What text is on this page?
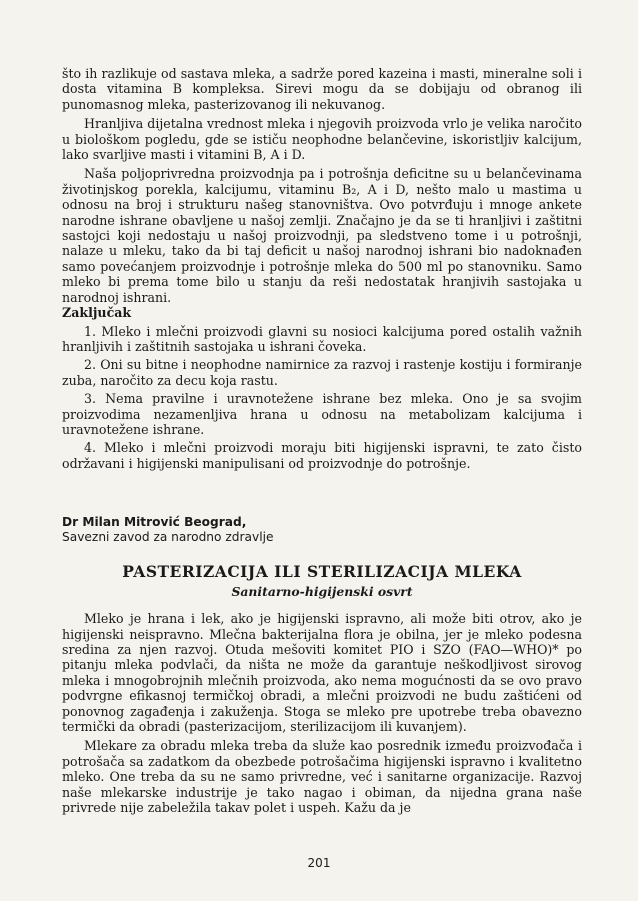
što ih razlikuje od sastava mleka, a sadrže pored kazeina i masti, mineralne soli i dosta vitamina B kompleksa. Sirevi mogu da se dobijaju od obranog ili punomasnog mleka, pasterizovanog ili nekuvanog.

Hranljiva dijetalna vrednost mleka i njegovih proizvoda vrlo je velika naročito u biološkom pogledu, gde se ističu neophodne belančevine, iskoristljiv kalcijum, lako svarljive masti i vitamini B, A i D.

Naša poljoprivredna proizvodnja pa i potrošnja deficitne su u belančevinama životinjskog porekla, kalcijumu, vitaminu B₂, A i D, nešto malo u mastima u odnosu na broj i strukturu našeg stanovništva. Ovo potvrđuju i mnoge ankete narodne ishrane obavljene u našoj zemlji. Značajno je da se ti hranljivi i zaštitni sastojci koji nedostaju u našoj proizvodnji, pa sledstveno tome i u potrošnji, nalaze u mleku, tako da bi taj deficit u našoj narodnoj ishrani bio nadoknađen samo povećanjem proizvodnje i potrošnje mleka do 500 ml po stanovniku. Samo mleko bi prema tome bilo u stanju da reši nedostatak hranjivih sastojaka u narodnoj ishrani.

Zaključak

1. Mleko i mlečni proizvodi glavni su nosioci kalcijuma pored ostalih važnih hranljivih i zaštitnih sastojaka u ishrani čoveka.

2. Oni su bitne i neophodne namirnice za razvoj i rastenje kostiju i formiranje zuba, naročito za decu koja rastu.

3. Nema pravilne i uravnotežene ishrane bez mleka. Ono je sa svojim proizvodima nezamenljiva hrana u odnosu na metabolizam kalcijuma i uravnotežene ishrane.

4. Mleko i mlečni proizvodi moraju biti higijenski ispravni, te zato čisto održavani i higijenski manipulisani od proizvodnje do potrošnje.

Dr Milan Mitrović Beograd,
Savezni zavod za narodno zdravlje
PASTERIZACIJA ILI STERILIZACIJA MLEKA
Sanitarno-higijenski osvrt

Mleko je hrana i lek, ako je higijenski ispravno, ali može biti otrov, ako je higijenski neispravno. Mlečna bakterijalna flora je obilna, jer je mleko podesna sredina za njen razvoj. Otuda mešoviti komitet PIO i SZO (FAO—WHO)* po pitanju mleka podvlači, da ništa ne može da garantuje neškodljivost sirovog mleka i mnogobrojnih mlečnih proizvoda, ako nema mogućnosti da se ovo pravo podvrgne efikasnoj termičkoj obradi, a mlečni proizvodi ne budu zaštićeni od ponovnog zagađenja i zakuženja. Stoga se mleko pre upotrebe treba obavezno termički da obradi (pasterizacijom, sterilizacijom ili kuvanjem).

Mlekare za obradu mleka treba da služe kao posrednik između proizvođača i potrošača sa zadatkom da obezbede potrošačima higijenski ispravno i kvalitetno mleko. One treba da su ne samo privredne, već i sanitarne organizacije. Razvoj naše mlekarske industrije je tako nagao i obiman, da nijedna grana naše privrede nije zabeležila takav polet i uspeh. Kažu da je

201
